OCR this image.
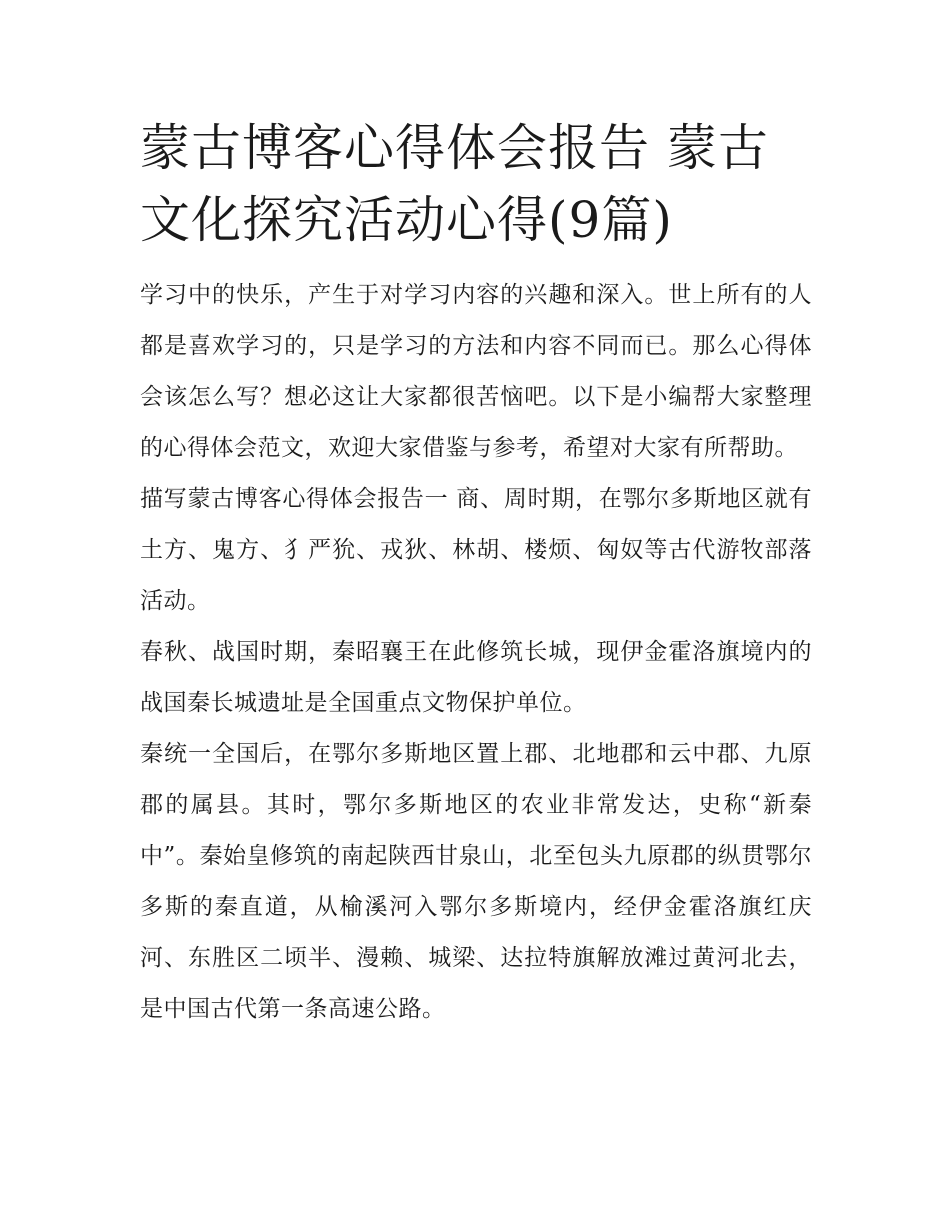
蒙古博客心得体会报告 蒙古文化探究活动心得(9篇)

学习中的快乐，产生于对学习内容的兴趣和深入。世上所有的人都是喜欢学习的，只是学习的方法和内容不同而已。那么心得体会该怎么写？想必这让大家都很苦恼吧。以下是小编帮大家整理的心得体会范文，欢迎大家借鉴与参考，希望对大家有所帮助。

描写蒙古博客心得体会报告一 商、周时期，在鄂尔多斯地区就有土方、鬼方、犭严狁、戎狄、林胡、楼烦、匈奴等古代游牧部落活动。

春秋、战国时期，秦昭襄王在此修筑长城，现伊金霍洛旗境内的战国秦长城遗址是全国重点文物保护单位。

秦统一全国后，在鄂尔多斯地区置上郡、北地郡和云中郡、九原郡的属县。其时，鄂尔多斯地区的农业非常发达，史称“新秦中”。秦始皇修筑的南起陕西甘泉山，北至包头九原郡的纵贯鄂尔多斯的秦直道，从榆溪河入鄂尔多斯境内，经伊金霍洛旗红庆河、东胜区二顷半、漫赖、城梁、达拉特旗解放滩过黄河北去，是中国古代第一条高速公路。
